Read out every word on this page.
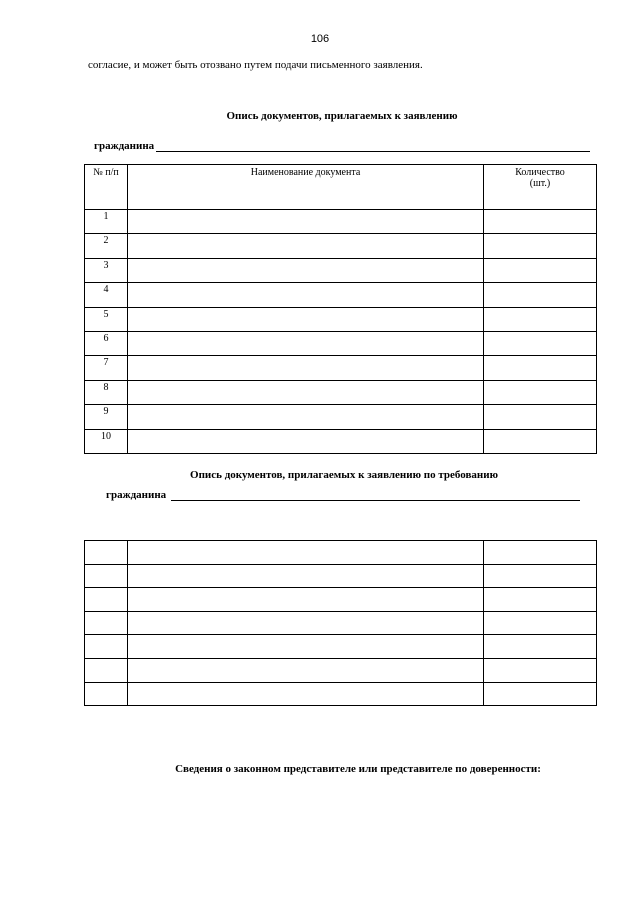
106
согласие, и может быть отозвано путем подачи письменного заявления.
Опись документов, прилагаемых к заявлению
гражданина
№ п/п	Наименование документа	Количество (шт.)
1		
2		
3		
4		
5		
6		
7		
8		
9		
10		
Опись документов, прилагаемых к заявлению по требованию
гражданина

Сведения о законном представителе или представителе по доверенности:
